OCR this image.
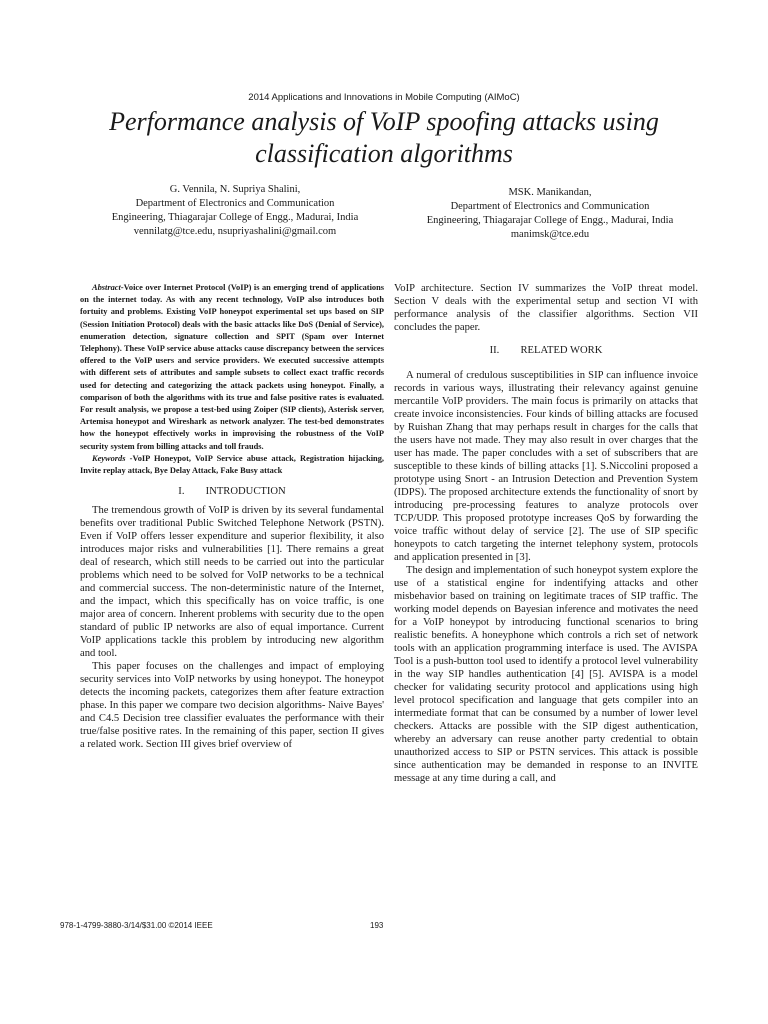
2014 Applications and Innovations in Mobile Computing (AIMoC)
Performance analysis of VoIP spoofing attacks using
classification algorithms
G. Vennila, N. Supriya Shalini,
Department of Electronics and Communication
Engineering, Thiagarajar College of Engg., Madurai, India
vennilatg@tce.edu, nsupriyashalini@gmail.com
MSK. Manikandan,
Department of Electronics and Communication
Engineering, Thiagarajar College of Engg., Madurai, India
manimsk@tce.edu

Abstract-Voice over Internet Protocol (VoIP) is an emerging trend of applications on the internet today. As with any recent technology, VoIP also introduces both fortuity and problems. Existing VoIP honeypot experimental set ups based on SIP (Session Initiation Protocol) deals with the basic attacks like DoS (Denial of Service), enumeration detection, signature collection and SPIT (Spam over Internet Telephony). These VoIP service abuse attacks cause discrepancy between the services offered to the VoIP users and service providers. We executed successive attempts with different sets of attributes and sample subsets to collect exact traffic records used for detecting and categorizing the attack packets using honeypot. Finally, a comparison of both the algorithms with its true and false positive rates is evaluated. For result analysis, we propose a test-bed using Zoiper (SIP clients), Asterisk server, Artemisa honeypot and Wireshark as network analyzer. The test-bed demonstrates how the honeypot effectively works in improvising the robustness of the VoIP security system from billing attacks and toll frauds.

Keywords -VoIP Honeypot, VoIP Service abuse attack, Registration hijacking, Invite replay attack, Bye Delay Attack, Fake Busy attack

I.        INTRODUCTION

The tremendous growth of VoIP is driven by its several fundamental benefits over traditional Public Switched Telephone Network (PSTN). Even if VoIP offers lesser expenditure and superior flexibility, it also introduces major risks and vulnerabilities [1]. There remains a great deal of research, which still needs to be carried out into the particular problems which need to be solved for VoIP networks to be a technical and commercial success. The non-deterministic nature of the Internet, and the impact, which this specifically has on voice traffic, is one major area of concern. Inherent problems with security due to the open standard of public IP networks are also of equal importance. Current VoIP applications tackle this problem by introducing new algorithm and tool.

This paper focuses on the challenges and impact of employing security services into VoIP networks by using honeypot. The honeypot detects the incoming packets, categorizes them after feature extraction phase. In this paper we compare two decision algorithms- Naive Bayes' and C4.5 Decision tree classifier evaluates the performance with their true/false positive rates. In the remaining of this paper, section II gives a related work. Section III gives brief overview of

VoIP architecture. Section IV summarizes the VoIP threat model. Section V deals with the experimental setup and section VI with performance analysis of the classifier algorithms. Section VII concludes the paper.

II.        RELATED WORK

A numeral of credulous susceptibilities in SIP can influence invoice records in various ways, illustrating their relevancy against genuine mercantile VoIP providers. The main focus is primarily on attacks that create invoice inconsistencies. Four kinds of billing attacks are focused by Ruishan Zhang that may perhaps result in charges for the calls that the users have not made. They may also result in over charges that the user has made. The paper concludes with a set of subscribers that are susceptible to these kinds of billing attacks [1]. S.Niccolini proposed a prototype using Snort - an Intrusion Detection and Prevention System (IDPS). The proposed architecture extends the functionality of snort by introducing pre-processing features to analyze protocols over TCP/UDP. This proposed prototype increases QoS by forwarding the voice traffic without delay of service [2]. The use of SIP specific honeypots to catch targeting the internet telephony system, protocols and application presented in [3].

The design and implementation of such honeypot system explore the use of a statistical engine for indentifying attacks and other misbehavior based on training on legitimate traces of SIP traffic. The working model depends on Bayesian inference and motivates the need for a VoIP honeypot by introducing functional scenarios to bring realistic benefits. A honeyphone which controls a rich set of network tools with an application programming interface is used. The AVISPA Tool is a push-button tool used to identify a protocol level vulnerability in the way SIP handles authentication [4] [5]. AVISPA is a model checker for validating security protocol and applications using high level protocol specification and language that gets compiler into an intermediate format that can be consumed by a number of lower level checkers. Attacks are possible with the SIP digest authentication, whereby an adversary can reuse another party credential to obtain unauthorized access to SIP or PSTN services. This attack is possible since authentication may be demanded in response to an INVITE message at any time during a call, and

978-1-4799-3880-3/14/$31.00 ©2014 IEEE	193
